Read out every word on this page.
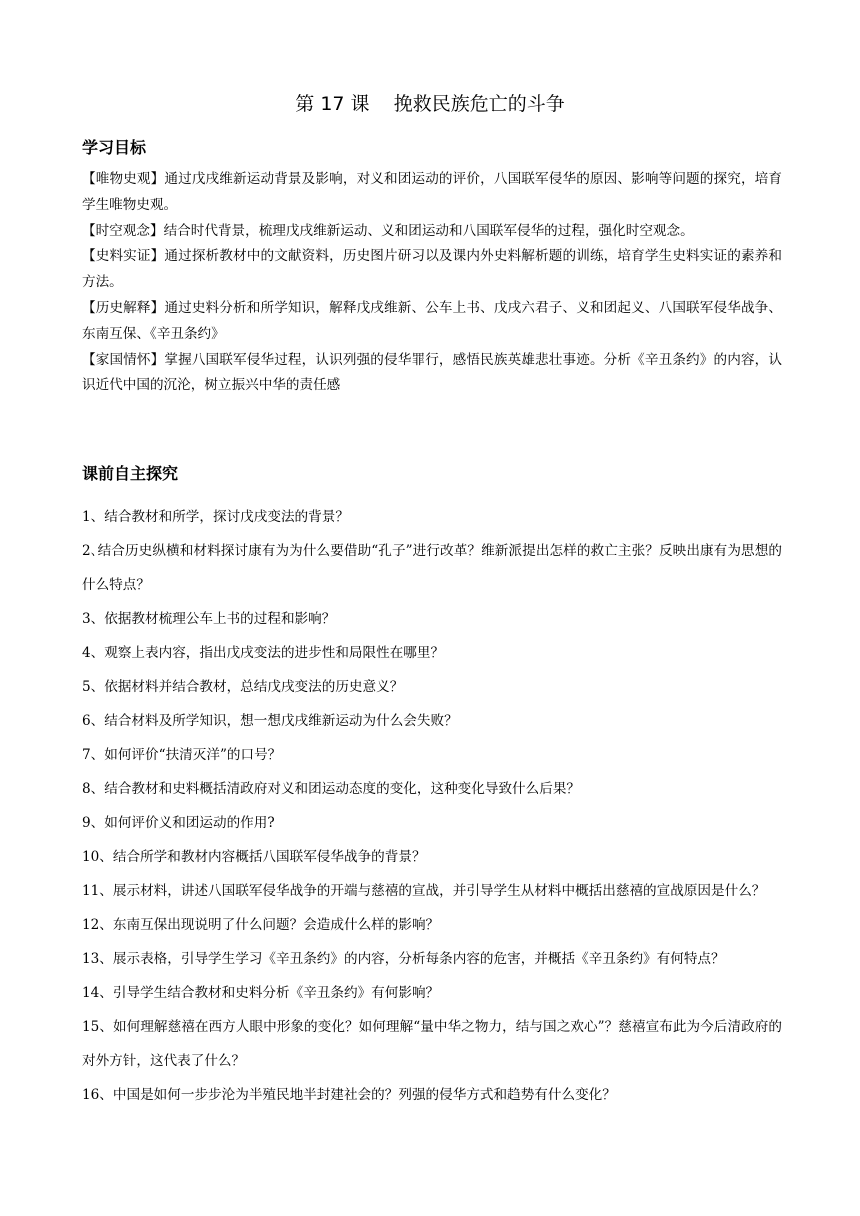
第 17 课    挽救民族危亡的斗争
学习目标
【唯物史观】通过戊戌维新运动背景及影响，对义和团运动的评价，八国联军侵华的原因、影响等问题的探究，培育学生唯物史观。
【时空观念】结合时代背景，梳理戊戌维新运动、义和团运动和八国联军侵华的过程，强化时空观念。
【史料实证】通过探析教材中的文献资料，历史图片研习以及课内外史料解析题的训练，培育学生史料实证的素养和方法。
【历史解释】通过史料分析和所学知识，解释戊戌维新、公车上书、戊戌六君子、义和团起义、八国联军侵华战争、东南互保、《辛丑条约》
【家国情怀】掌握八国联军侵华过程，认识列强的侵华罪行，感悟民族英雄悲壮事迹。分析《辛丑条约》的内容，认识近代中国的沉沦，树立振兴中华的责任感
课前自主探究
1、结合教材和所学，探讨戊戌变法的背景？
2､结合历史纵横和材料探讨康有为为什么要借助“孔子”进行改革？维新派提出怎样的救亡主张？反映出康有为思想的什么特点？
3、依据教材梳理公车上书的过程和影响？
4、观察上表内容，指出戊戌变法的进步性和局限性在哪里？
5、依据材料并结合教材，总结戊戌变法的历史意义？
6、结合材料及所学知识，想一想戊戌维新运动为什么会失败？
7、如何评价“扶清灭洋”的口号？
8、结合教材和史料概括清政府对义和团运动态度的变化，这种变化导致什么后果？
9、如何评价义和团运动的作用?
10、结合所学和教材内容概括八国联军侵华战争的背景？
11、展示材料，讲述八国联军侵华战争的开端与慈禧的宣战，并引导学生从材料中概括出慈禧的宣战原因是什么？
12、东南互保出现说明了什么问题？会造成什么样的影响？
13、展示表格，引导学生学习《辛丑条约》的内容，分析每条内容的危害，并概括《辛丑条约》有何特点？
14、引导学生结合教材和史料分析《辛丑条约》有何影响？
15、如何理解慈禧在西方人眼中形象的变化？如何理解“量中华之物力，结与国之欢心”？慈禧宣布此为今后清政府的对外方针，这代表了什么？
16、中国是如何一步步沦为半殖民地半封建社会的？列强的侵华方式和趋势有什么变化？
